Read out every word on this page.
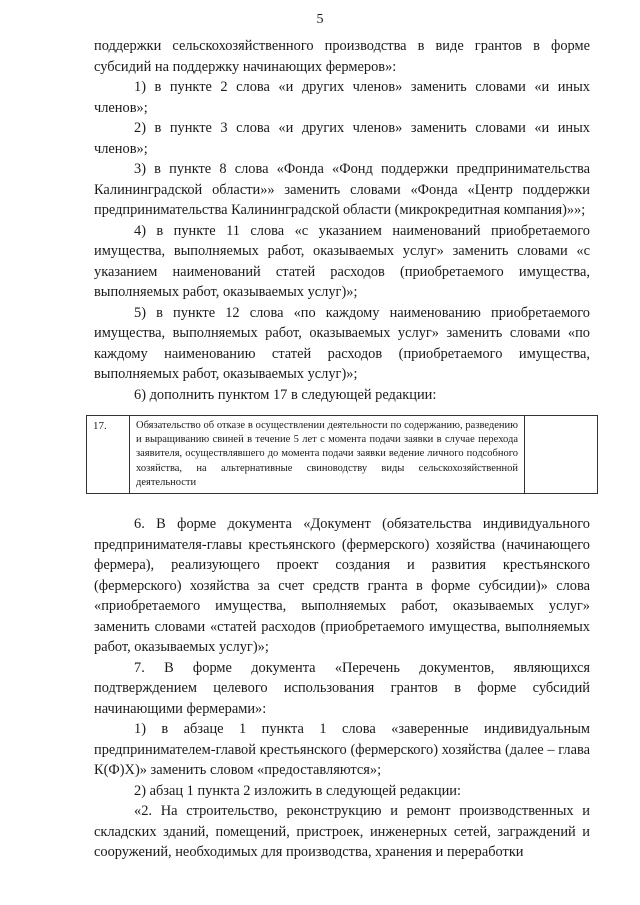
5

поддержки сельскохозяйственного производства в виде грантов в форме субсидий на поддержку начинающих фермеров»:

1) в пункте 2 слова «и других членов» заменить словами «и иных членов»;

2) в пункте 3 слова «и других членов» заменить словами «и иных членов»;

3) в пункте 8 слова «Фонда «Фонд поддержки предпринимательства Калининградской области»» заменить словами «Фонда «Центр поддержки предпринимательства Калининградской области (микрокредитная компания)»»;

4) в пункте 11 слова «с указанием наименований приобретаемого имущества, выполняемых работ, оказываемых услуг» заменить словами «с указанием наименований статей расходов (приобретаемого имущества, выполняемых работ, оказываемых услуг)»;

5) в пункте 12 слова «по каждому наименованию приобретаемого имущества, выполняемых работ, оказываемых услуг» заменить словами «по каждому наименованию статей расходов (приобретаемого имущества, выполняемых работ, оказываемых услуг)»;

6) дополнить пунктом 17 в следующей редакции:

17.	Обязательство об отказе в осуществлении деятельности по содержанию, разведению и выращиванию свиней в течение 5 лет с момента подачи заявки в случае перехода заявителя, осуществлявшего до момента подачи заявки ведение личного подсобного хозяйства, на альтернативные свиноводству виды сельскохозяйственной деятельности	

6. В форме документа «Документ (обязательства индивидуального предпринимателя-главы крестьянского (фермерского) хозяйства (начинающего фермера), реализующего проект создания и развития крестьянского (фермерского) хозяйства за счет средств гранта в форме субсидии)» слова «приобретаемого имущества, выполняемых работ, оказываемых услуг» заменить словами «статей расходов (приобретаемого имущества, выполняемых работ, оказываемых услуг)»;

7. В форме документа «Перечень документов, являющихся подтверждением целевого использования грантов в форме субсидий начинающими фермерами»:

1) в абзаце 1 пункта 1 слова «заверенные индивидуальным предпринимателем-главой крестьянского (фермерского) хозяйства (далее – глава К(Ф)Х)» заменить словом «предоставляются»;

2) абзац 1 пункта 2 изложить в следующей редакции:

«2. На строительство, реконструкцию и ремонт производственных и складских зданий, помещений, пристроек, инженерных сетей, заграждений и сооружений, необходимых для производства, хранения и переработки
